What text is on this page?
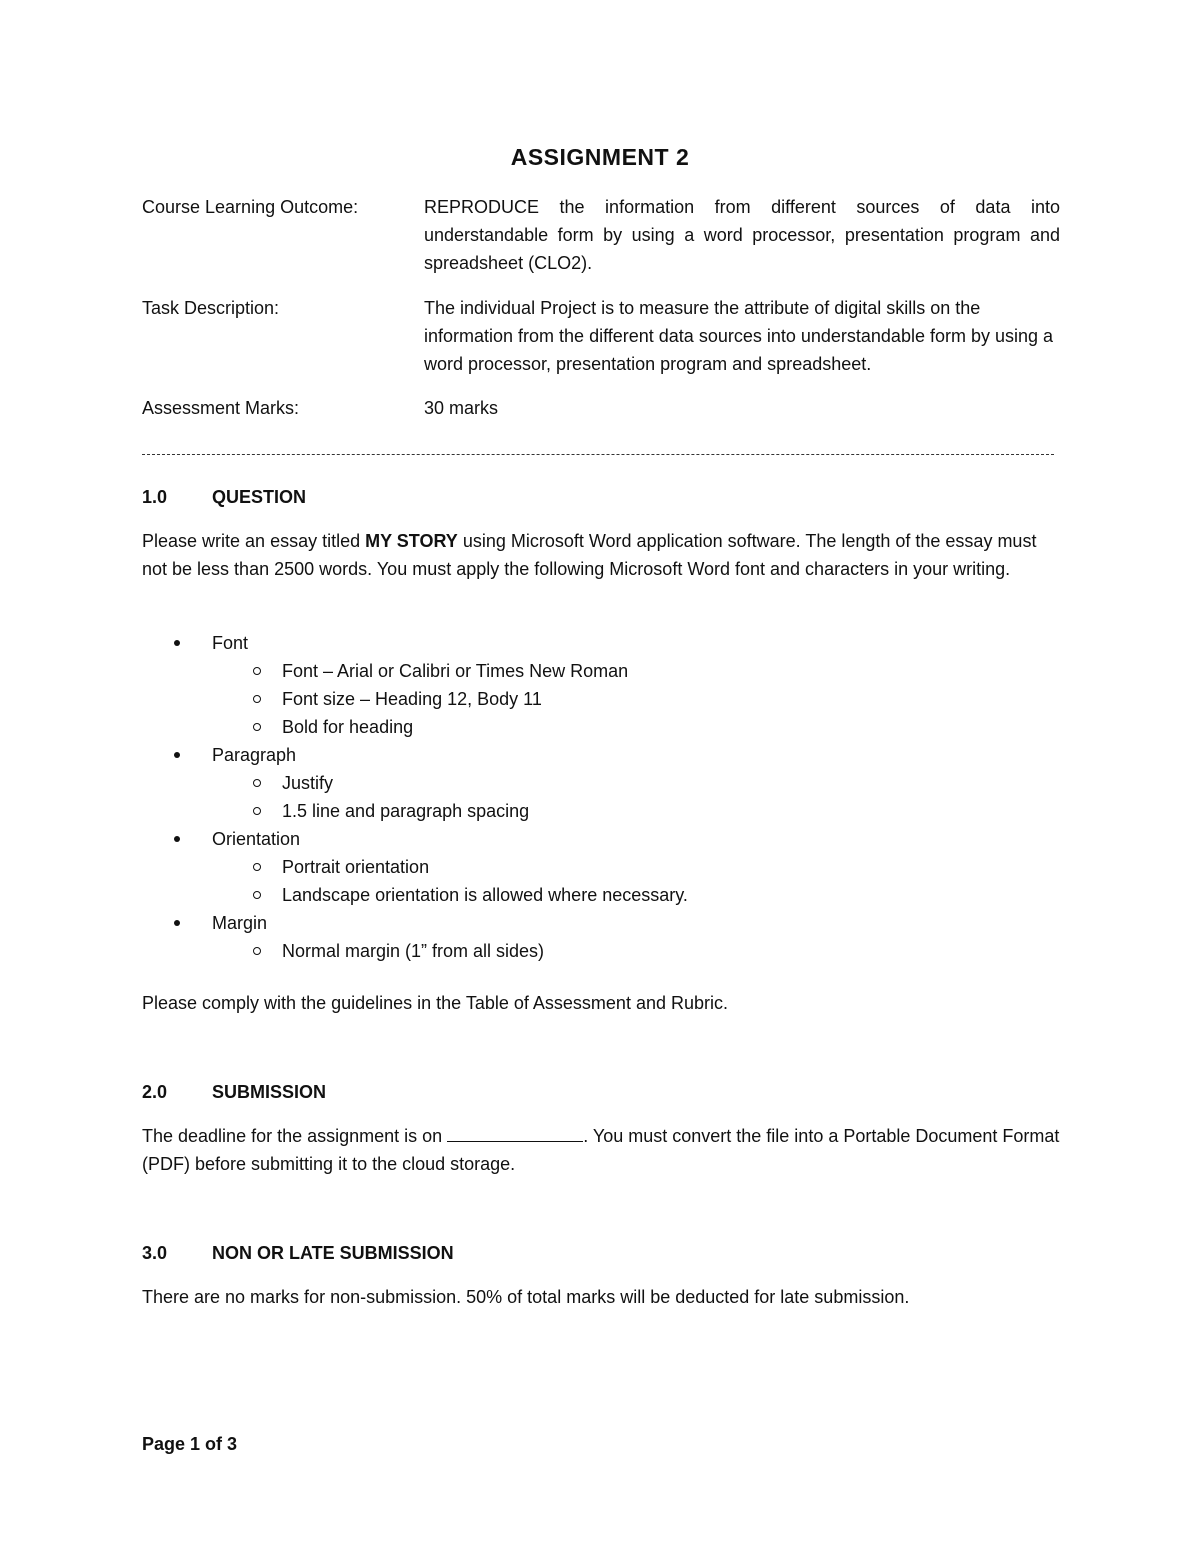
ASSIGNMENT 2
Course Learning Outcome:	REPRODUCE the information from different sources of data into understandable form by using a word processor, presentation program and spreadsheet (CLO2).
Task Description:	The individual Project is to measure the attribute of digital skills on the information from the different data sources into understandable form by using a word processor, presentation program and spreadsheet.
Assessment Marks:	30 marks
1.0 QUESTION
Please write an essay titled MY STORY using Microsoft Word application software. The length of the essay must not be less than 2500 words. You must apply the following Microsoft Word font and characters in your writing.
Font
Font – Arial or Calibri or Times New Roman
Font size – Heading 12, Body 11
Bold for heading
Paragraph
Justify
1.5 line and paragraph spacing
Orientation
Portrait orientation
Landscape orientation is allowed where necessary.
Margin
Normal margin (1” from all sides)
Please comply with the guidelines in the Table of Assessment and Rubric.
2.0 SUBMISSION
The deadline for the assignment is on	. You must convert the file into a Portable Document Format (PDF) before submitting it to the cloud storage.
3.0 NON OR LATE SUBMISSION
There are no marks for non-submission. 50% of total marks will be deducted for late submission.
Page 1 of 3
